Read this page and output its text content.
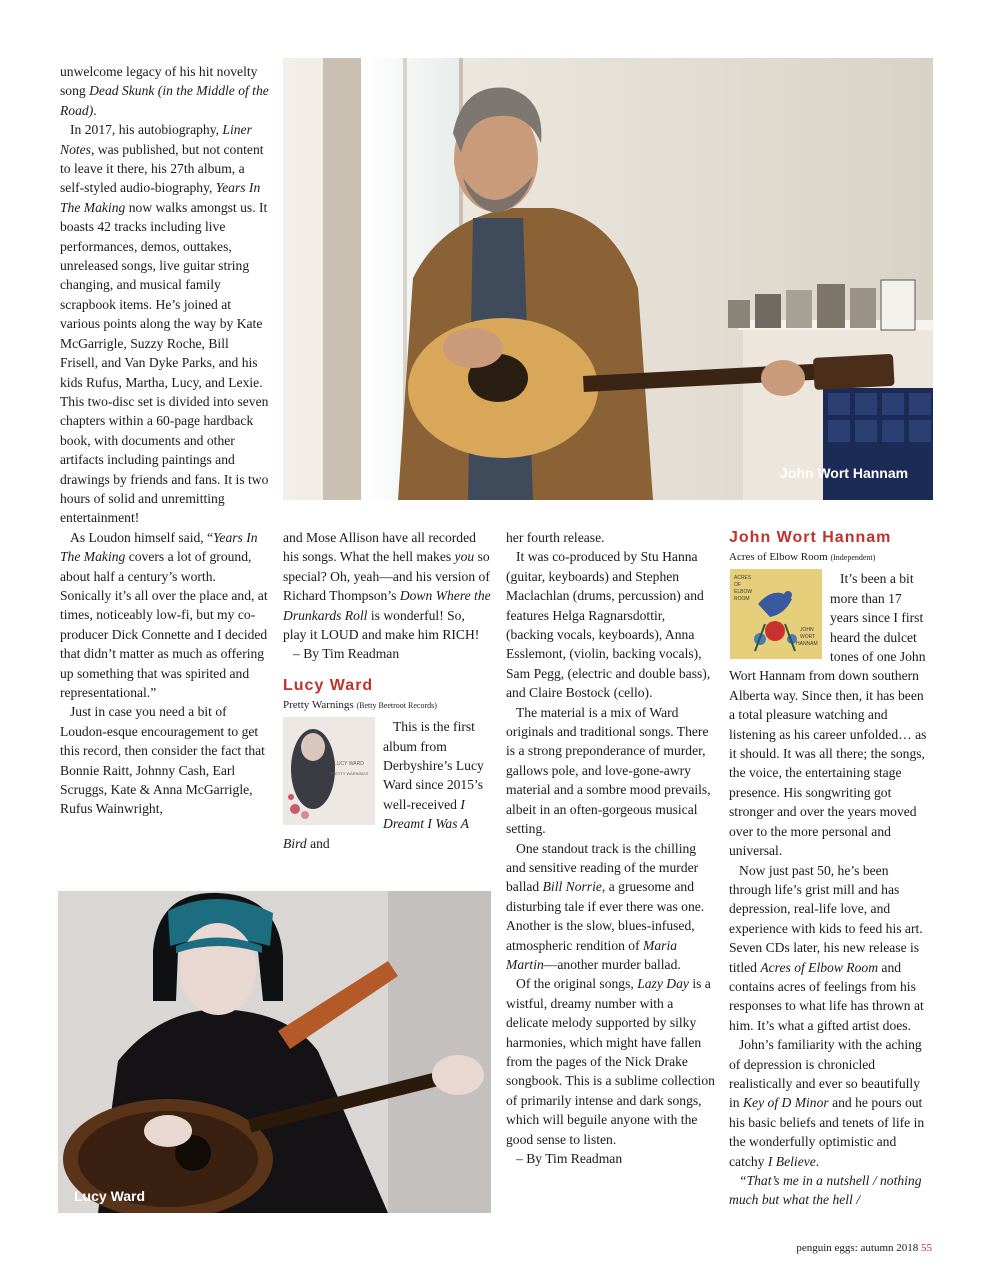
unwelcome legacy of his hit novelty song Dead Skunk (in the Middle of the Road).

In 2017, his autobiography, Liner Notes, was published, but not content to leave it there, his 27th album, a self-styled audio-biography, Years In The Making now walks amongst us. It boasts 42 tracks including live performances, demos, outtakes, unreleased songs, live guitar string changing, and musical family scrapbook items. He’s joined at various points along the way by Kate McGarrigle, Suzzy Roche, Bill Frisell, and Van Dyke Parks, and his kids Rufus, Martha, Lucy, and Lexie. This two-disc set is divided into seven chapters within a 60-page hardback book, with documents and other artifacts including paintings and drawings by friends and fans. It is two hours of solid and unremitting entertainment!

As Loudon himself said, “Years In The Making covers a lot of ground, about half a century’s worth. Sonically it’s all over the place and, at times, noticeably low-fi, but my co-producer Dick Connette and I decided that didn’t matter as much as offering up something that was spirited and representational.”

Just in case you need a bit of Loudon-esque encouragement to get this record, then consider the fact that Bonnie Raitt, Johnny Cash, Earl Scruggs, Kate & Anna McGarrigle, Rufus Wainwright,

John Wort Hannam

and Mose Allison have all recorded his songs. What the hell makes you so special? Oh, yeah—and his version of Richard Thompson’s Down Where the Drunkards Roll is wonderful! So, play it LOUD and make him RICH!

– By Tim Readman

Lucy Ward

Pretty Warnings (Betty Beetroot Records)

LUCY WARD
PRETTY WARNINGS

This is the first album from Derbyshire’s Lucy Ward since 2015’s well-received I Dreamt I Was A Bird and

Lucy Ward

her fourth release.

It was co-produced by Stu Hanna (guitar, keyboards) and Stephen Maclachlan (drums, percussion) and features Helga Ragnarsdottir, (backing vocals, keyboards), Anna Esslemont, (violin, backing vocals), Sam Pegg, (electric and double bass), and Claire Bostock (cello).

The material is a mix of Ward originals and traditional songs. There is a strong preponderance of murder, gallows pole, and love-gone-awry material and a sombre mood prevails, albeit in an often-gorgeous musical setting.

One standout track is the chilling and sensitive reading of the murder ballad Bill Norrie, a gruesome and disturbing tale if ever there was one. Another is the slow, blues-infused, atmospheric rendition of Maria Martin—another murder ballad.

Of the original songs, Lazy Day is a wistful, dreamy number with a delicate melody supported by silky harmonies, which might have fallen from the pages of the Nick Drake songbook. This is a sublime collection of primarily intense and dark songs, which will beguile anyone with the good sense to listen.

– By Tim Readman

John Wort Hannam

Acres of Elbow Room (Independent)

ACRES
OF
ELBOW
ROOM
JOHN
WORT
HANNAM

It’s been a bit more than 17 years since I first heard the dulcet tones of one John Wort Hannam from down southern Alberta way. Since then, it has been a total pleasure watching and listening as his career unfolded… as it should. It was all there; the songs, the voice, the entertaining stage presence. His songwriting got stronger and over the years moved over to the more personal and universal.

Now just past 50, he’s been through life’s grist mill and has depression, real-life love, and experience with kids to feed his art. Seven CDs later, his new release is titled Acres of Elbow Room and contains acres of feelings from his responses to what life has thrown at him. It’s what a gifted artist does.

John’s familiarity with the aching of depression is chronicled realistically and ever so beautifully in Key of D Minor and he pours out his basic beliefs and tenets of life in the wonderfully optimistic and catchy I Believe.

“That’s me in a nutshell / nothing much but what the hell /

penguin eggs: autumn 2018 55
